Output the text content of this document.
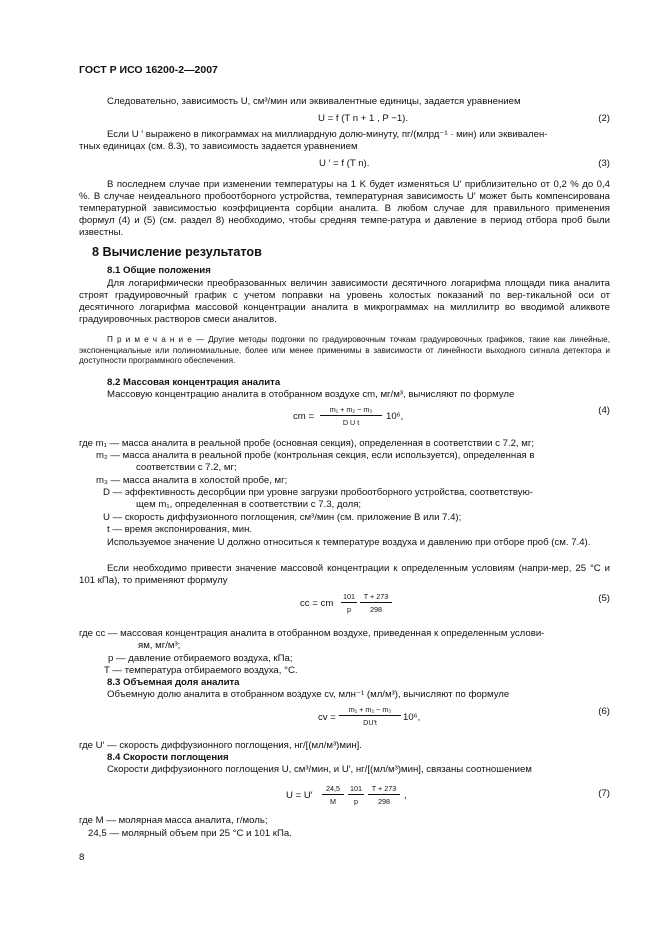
ГОСТ Р ИСО 16200-2—2007
Следовательно, зависимость U, см³/мин или эквивалентные единицы, задается уравнением
U = f (T n + 1 , P −1).	(2)
Если U ′ выражено в пикограммах на миллиардную долю-минуту, пг/(млрд⁻¹ · мин) или эквивален-
тных единицах (см. 8.3), то зависимость задается уравнением
U ′ = f (T n).	(3)
В последнем случае при изменении температуры на 1 K будет изменяться U′ приблизительно от 0,2 % до 0,4 %. В случае неидеального пробоотборного устройства, температурная зависимость U′ может быть компенсирована температурной зависимостью коэффициента сорбции аналита. В любом случае для правильного применения формул (4) и (5) (см. раздел 8) необходимо, чтобы средняя темпе-ратура и давление в период отбора проб были известны.
8 Вычисление результатов
8.1 Общие положения
Для логарифмически преобразованных величин зависимости десятичного логарифма площади пика аналита строят градуировочный график с учетом поправки на уровень холостых показаний по вер-тикальной оси от десятичного логарифма массовой концентрации аналита в микрограммах на миллилитр во вводимой аликвоте градуировочных растворов смеси аналитов.
П р и м е ч а н и е — Другие методы подгонки по градуировочным точкам градуировочных графиков, такие как линейные, экспоненциальные или полиномиальные, более или менее применимы в зависимости от линейности выходного сигнала детектора и доступности программного обеспечения.
8.2 Массовая концентрация аналита
Массовую концентрацию аналита в отобранном воздухе cm, мг/м³, вычисляют по формуле
cm =
m₁ + m₂ − m₃
D U t
10⁶,
(4)
где m₁ — масса аналита в реальной пробе (основная секция), определенная в соответствии с 7.2, мг;
m₂ — масса аналита в реальной пробе (контрольная секция, если используется), определенная в
соответствии с 7.2, мг;
m₃ — масса аналита в холостой пробе, мг;
D — эффективность десорбции при уровне загрузки пробоотборного устройства, соответствую-
щем m₁, определенная в соответствии с 7.3, доля;
U — скорость диффузионного поглощения, см³/мин (см. приложение В или 7.4);
t — время экспонирования, мин.
Используемое значение U должно относиться к температуре воздуха и давлению при отборе проб (см. 7.4).
Если необходимо привести значение массовой концентрации к определенным условиям (напри-мер, 25 °С и 101 кПа), то применяют формулу
cc = cm
101
p
T + 273
298
(5)
где cc — массовая концентрация аналита в отобранном воздухе, приведенная к определенным услови-
ям, мг/м³;
p — давление отбираемого воздуха, кПа;
T — температура отбираемого воздуха, °С.
8.3 Объемная доля аналита
Объемную долю аналита в отобранном воздухе cv, млн⁻¹ (мл/м³), вычисляют по формуле
cv =
m₁ + m₂ − m₃
DU′t	10⁶,
(6)
где U′ — скорость диффузионного поглощения, нг/[(мл/м³)мин].
8.4 Скорости поглощения
Скорости диффузионного поглощения U, см³/мин, и U′, нг/[(мл/м³)мин], связаны соотношением
U = U′
24,5
M
101
p
T + 273
298
,	(7)
где M — молярная масса аналита, г/моль;
24,5 — молярный объем при 25 °С и 101 кПа.
8
